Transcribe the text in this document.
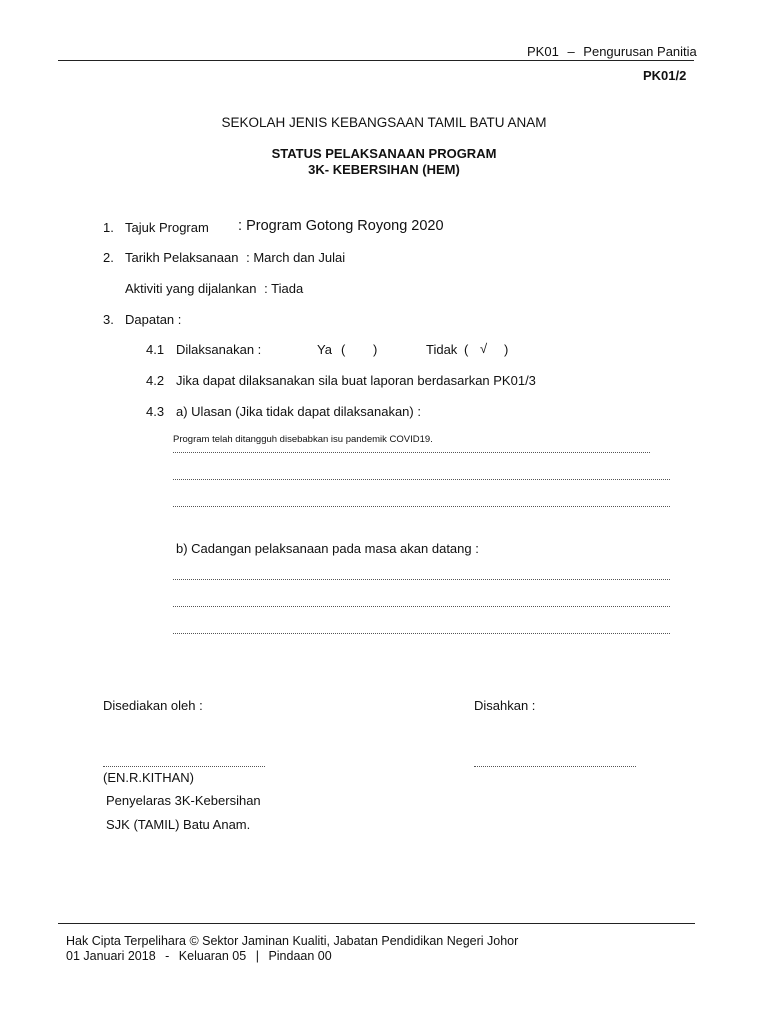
PK01 – Pengurusan Panitia
PK01/2
SEKOLAH JENIS KEBANGSAAN TAMIL BATU ANAM
STATUS PELAKSANAAN PROGRAM
3K- KEBERSIHAN (HEM)
1. Tajuk Program : Program Gotong Royong 2020
2. Tarikh Pelaksanaan : March dan Julai
Aktiviti yang dijalankan : Tiada
3. Dapatan :
4.1 Dilaksanakan :	Ya ( )	Tidak ( √ )
4.2 Jika dapat dilaksanakan sila buat laporan berdasarkan PK01/3
4.3 a) Ulasan (Jika tidak dapat dilaksanakan) :
Program telah ditangguh disebabkan isu pandemik COVID19.
b) Cadangan pelaksanaan pada masa akan datang :
Disediakan oleh :	Disahkan :
(EN.R.KITHAN)
Penyelaras 3K-Kebersihan
SJK (TAMIL) Batu Anam.
Hak Cipta Terpelihara © Sektor Jaminan Kualiti, Jabatan Pendidikan Negeri Johor
01 Januari 2018 - Keluaran 05 | Pindaan 00
